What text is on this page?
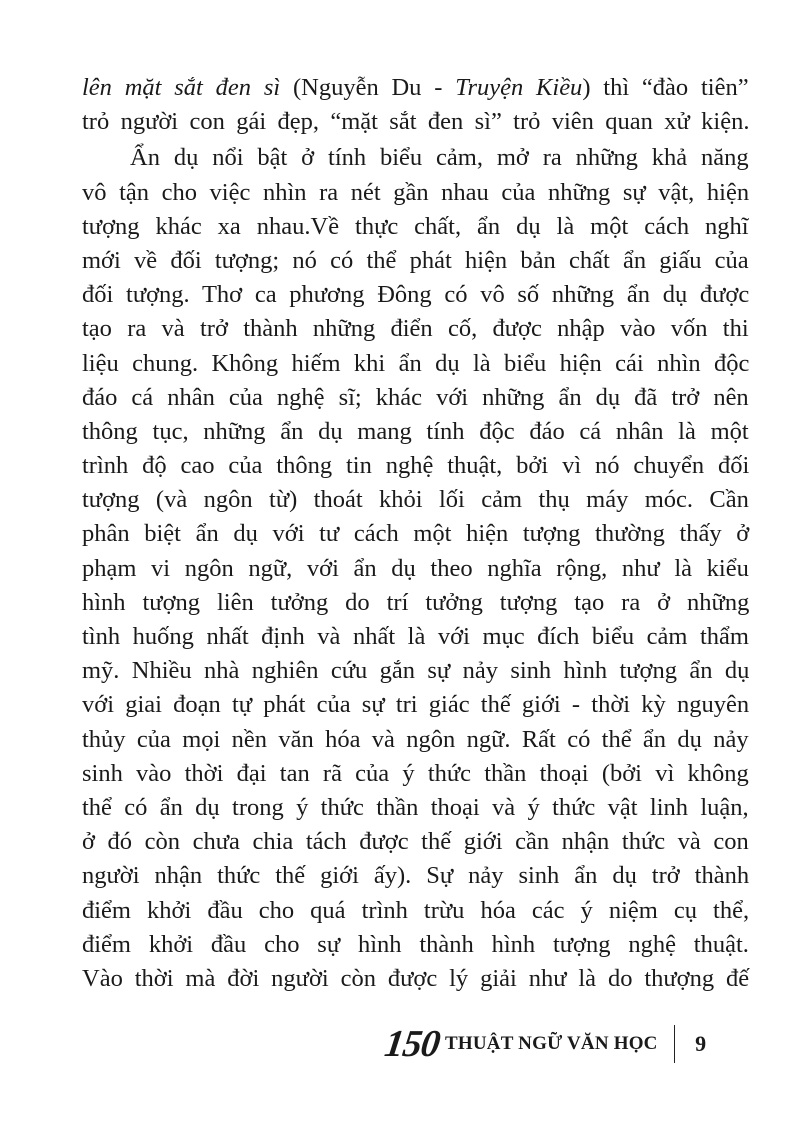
lên mặt sắt đen sì (Nguyễn Du - Truyện Kiều) thì “đào tiên”
trỏ người con gái đẹp, “mặt sắt đen sì” trỏ viên quan xử kiện.
Ẩn dụ nổi bật ở tính biểu cảm, mở ra những khả năng
vô tận cho việc nhìn ra nét gần nhau của những sự vật, hiện
tượng khác xa nhau.Về thực chất, ẩn dụ là một cách nghĩ
mới về đối tượng; nó có thể phát hiện bản chất ẩn giấu của
đối tượng. Thơ ca phương Đông có vô số những ẩn dụ được
tạo ra và trở thành những điển cố, được nhập vào vốn thi
liệu chung. Không hiếm khi ẩn dụ là biểu hiện cái nhìn độc
đáo cá nhân của nghệ sĩ; khác với những ẩn dụ đã trở nên
thông tục, những ẩn dụ mang tính độc đáo cá nhân là một
trình độ cao của thông tin nghệ thuật, bởi vì nó chuyển đối
tượng (và ngôn từ) thoát khỏi lối cảm thụ máy móc. Cần
phân biệt ẩn dụ với tư cách một hiện tượng thường thấy ở
phạm vi ngôn ngữ, với ẩn dụ theo nghĩa rộng, như là kiểu
hình tượng liên tưởng do trí tưởng tượng tạo ra ở những
tình huống nhất định và nhất là với mục đích biểu cảm thẩm
mỹ. Nhiều nhà nghiên cứu gắn sự nảy sinh hình tượng ẩn dụ
với giai đoạn tự phát của sự tri giác thế giới - thời kỳ nguyên
thủy của mọi nền văn hóa và ngôn ngữ. Rất có thể ẩn dụ nảy
sinh vào thời đại tan rã của ý thức thần thoại (bởi vì không
thể có ẩn dụ trong ý thức thần thoại và ý thức vật linh luận,
ở đó còn chưa chia tách được thế giới cần nhận thức và con
người nhận thức thế giới ấy). Sự nảy sinh ẩn dụ trở thành
điểm khởi đầu cho quá trình trừu hóa các ý niệm cụ thể,
điểm khởi đầu cho sự hình thành hình tượng nghệ thuật.
Vào thời mà đời người còn được lý giải như là do thượng đế
150 THUẬT NGỮ VĂN HỌC 9
